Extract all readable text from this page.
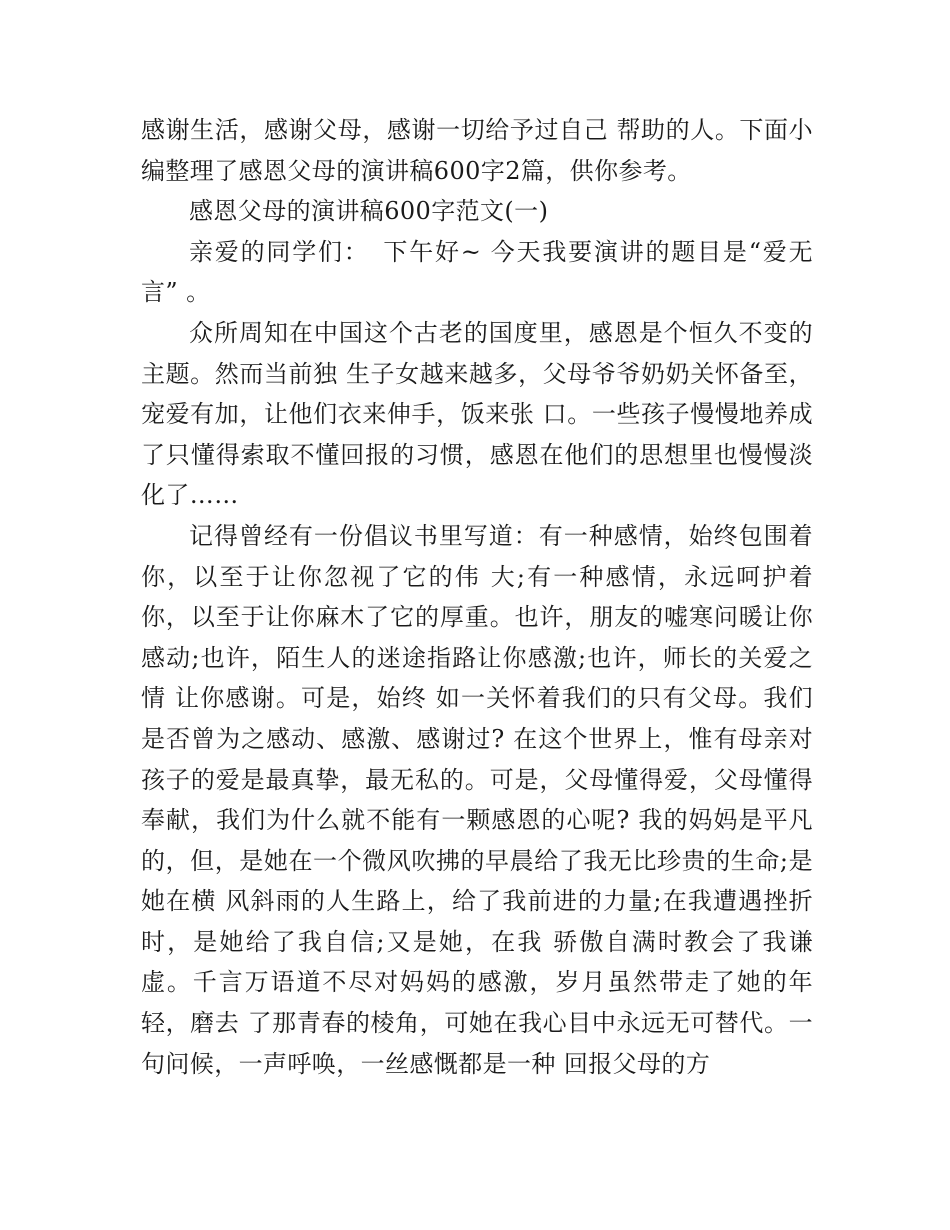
感谢生活，感谢父母，感谢一切给予过自己 帮助的人。下面小编整理了感恩父母的演讲稿600字2篇，供你参考。

感恩父母的演讲稿600字范文(一)

亲爱的同学们：　下午好~ 今天我要演讲的题目是“爱无言” 。

众所周知在中国这个古老的国度里，感恩是个恒久不变的主题。然而当前独 生子女越来越多，父母爷爷奶奶关怀备至，宠爱有加，让他们衣来伸手，饭来张 口。一些孩子慢慢地养成了只懂得索取不懂回报的习惯，感恩在他们的思想里也慢慢淡化了……

记得曾经有一份倡议书里写道：有一种感情，始终包围着你，以至于让你忽视了它的伟 大;有一种感情，永远呵护着你，以至于让你麻木了它的厚重。也许，朋友的嘘寒问暖让你感动;也许，陌生人的迷途指路让你感激;也许，师长的关爱之情 让你感谢。可是，始终 如一关怀着我们的只有父母。我们是否曾为之感动、感激、感谢过? 在这个世界上，惟有母亲对孩子的爱是最真挚，最无私的。可是，父母懂得爱，父母懂得奉献，我们为什么就不能有一颗感恩的心呢? 我的妈妈是平凡的，但，是她在一个微风吹拂的早晨给了我无比珍贵的生命;是她在横 风斜雨的人生路上，给了我前进的力量;在我遭遇挫折时，是她给了我自信;又是她，在我 骄傲自满时教会了我谦虚。千言万语道不尽对妈妈的感激，岁月虽然带走了她的年轻，磨去 了那青春的棱角，可她在我心目中永远无可替代。一句问候，一声呼唤，一丝感慨都是一种 回报父母的方
